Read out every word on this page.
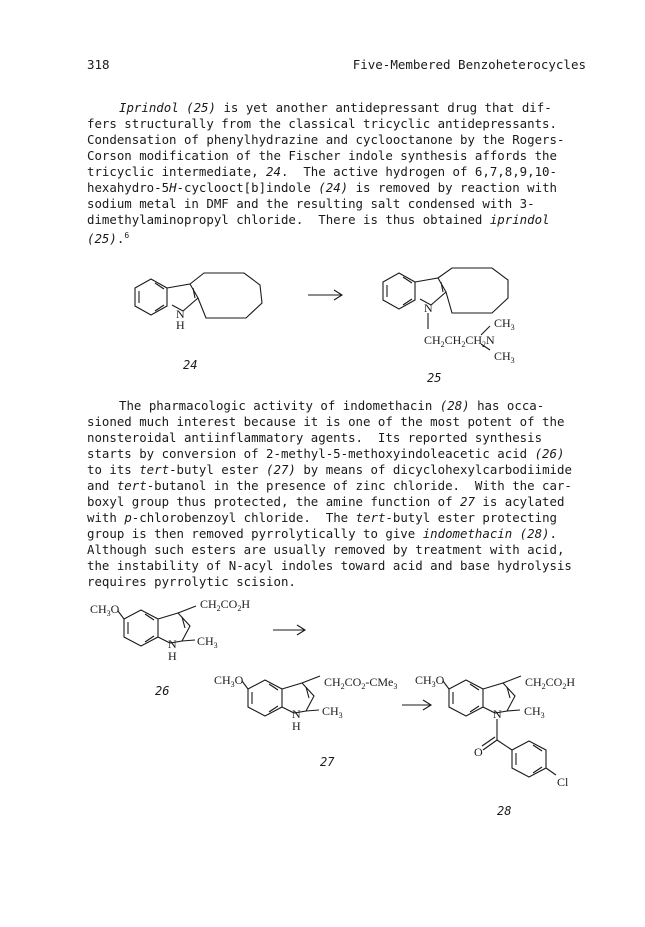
318	Five-Membered Benzoheterocycles

Iprindol (25) is yet another antidepressant drug that dif-
fers structurally from the classical tricyclic antidepressants.
Condensation of phenylhydrazine and cyclooctanone by the Rogers-
Corson modification of the Fischer indole synthesis affords the
tricyclic intermediate, 24.  The active hydrogen of 6,7,8,9,10-
hexahydro-5H-cyclooct[b]indole (24) is removed by reaction with
sodium metal in DMF and the resulting salt condensed with 3-
dimethylaminopropyl chloride.  There is thus obtained iprindol
(25).$^6$

The pharmacologic activity of indomethacin (28) has occa-
sioned much interest because it is one of the most potent of the
nonsteroidal antiinflammatory agents.  Its reported synthesis
starts by conversion of 2-methyl-5-methoxyindoleacetic acid (26)
to its tert-butyl ester (27) by means of dicyclohexylcarbodiimide
and tert-butanol in the presence of zinc chloride.  With the car-
boxyl group thus protected, the amine function of 27 is acylated
with p-chlorobenzoyl chloride.  The tert-butyl ester protecting
group is then removed pyrrolytically to give indomethacin (28).
Although such esters are usually removed by treatment with acid,
the instability of N-acyl indoles toward acid and base hydrolysis
requires pyrrolytic scision.

N
H
24
N
CH2CH2CH2N
CH3
CH3
25
CH3O	CH2CO2H
N
H
CH3
26
CH3O	CH2CO2-CMe3
N
H
CH3
27
CH3O	CH2CO2H
N CH3
O
Cl
28
